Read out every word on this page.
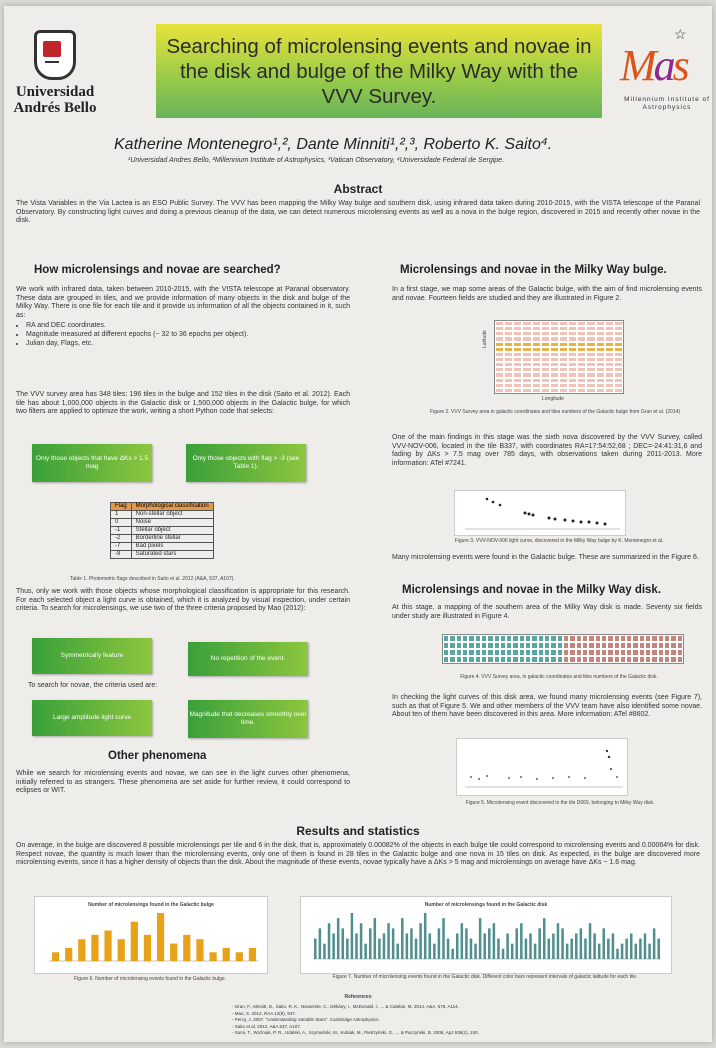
Universidad Andrés Bello
Searching of microlensing events and novae in the disk and bulge of the Milky Way with the VVV Survey.
Mas
☆
Millennium Institute of Astrophysics
Katherine Montenegro¹,², Dante Minniti¹,²,³, Roberto K. Saito⁴.
¹Universidad Andres Bello, ²Millennium Institute of Astrophysics, ³Vatican Observatory, ⁴Universidade Federal de Sergipe.
Abstract
The Vista Variables in the Via Lactea is an ESO Public Survey. The VVV has been mapping the Milky Way bulge and southern disk, using infrared data taken during 2010-2015, with the VISTA telescope of the Paranal Observatory. By constructing light curves and doing a previous cleanup of the data, we can detect numerous microlensing events as well as a nova in the bulge region, discovered in 2015 and recently other novae in the disk.
How microlensings and novae are searched?
We work with infrared data, taken between 2010-2015, with the VISTA telescope at Paranal observatory. These data are grouped in tiles, and we provide information of many objects in the disk and bulge of the Milky Way. There is one file for each tile and it provide us information of all the objects contained in it, such as:
• RA and DEC coordinates.
• Magnitude measured at different epochs (~ 32 to 36 epochs per object).
• Julian day, Flags, etc.
The VVV survey area has 348 tiles: 196 tiles in the bulge and 152 tiles in the disk (Saito et al. 2012). Each tile has about 1,000,000 objects in the Galactic disk or 1,500,000 objects in the Galactic bulge, for which two filters are applied to optimize the work, writing a short Python code that selects:
Only those objects that have ΔKs > 1.5 mag
Only those objects with flag > -3 (see Table 1).
Flag	Morphological classification
1	Non-stellar object
0	Noise
-1	Stellar object
-2	Borderline stellar
-7	Bad pixels
-9	Saturated stars
Table 1. Photometric flags described in Saito et al. 2012 (A&A, 537, A107).
Thus, only we work with those objects whose morphological classification is appropriate for this research. For each selected object a light curve is obtained, which it is analyzed by visual inspection, under certain criteria. To search for microlensings, we use two of the three criteria proposed by Mao (2012):
Symmetrically feature	No repetition of the event.
To search for novae, the criteria used are:
Large amplitude light curve	Magnitude that decreases smoothly over time.
Other phenomena
While we search for microlensing events and novae, we can see in the light curves other phenomena, initially referred to as strangers. These phenomena are set aside for further review, it could correspond to eclipses or WIT.
Microlensings and novae in the Milky Way bulge.
In a first stage, we map some areas of the Galactic bulge, with the aim of find microlensing events and novae. Fourteen fields are studied and they are illustrated in Figure 2.
Latitude
Longitude
Figure 2. VVV Survey area in galactic coordinates and tiles numbers of the Galactic bulge from Gran et al. (2014)
One of the main findings in this stage was the sixth nova discovered by the VVV Survey, called VVV-NOV-006, located in the tile B337, with coordinates RA=17:54:52,68 ; DEC=-24:41:31,6 and fading by ΔKs > 7.5 mag over 785 days, with observations taken during 2011-2013. More information: ATel #7241.
Figure 3. VVV-NOV-006 light curve, discovered in the Milky Way bulge by K. Montenegro et al.
Many microlensing events were found in the Galactic bulge. These are summarized in the Figure 6.
Microlensings and novae in the Milky Way disk.
At this stage, a mapping of the southern area of the Milky Way disk is made. Seventy six fields under study are illustrated in Figure 4.
Figure 4. VVV Survey area, in galactic coordinates and tiles numbers of the Galactic disk.
In checking the light curves of this disk area, we found many microlensing events (see Figure 7), such as that of Figure 5. We and other members of the VVV team have also identified some novae. About ten of them have been discovered in this area. More information: ATel #8602.
Figure 5. Microlensing event discovered in the tile D069, belonging to Milky Way disk.
Results and statistics
On average, in the bulge are discovered 8 possible microlensings per tile and 6 in the disk, that is, approximately 0.00082% of the objects in each bulge tile could correspond to microlensing events and 0.00064% for disk. Respect novae, the quantity is much lower than the microlensing events, only one of them is found in 28 tiles in the Galactic bulge and one nova in 15 tiles on disk. As expected, in the bulge are discovered more microlensing events, since it has a higher density of objects than the disk. About the magnitude of these events, novae typically have a ΔKs > 5 mag and microlensings on average have ΔKs ~ 1.6 mag.
Number of microlensings found in the Galactic bulge
Figure 6. Number of microlensing events found in the Galactic bulge.
Number of microlensings found in the Galactic disk
Figure 7. Number of microlensing events found in the Galactic disk. Different color bars represent intervals of galactic latitude for each tile.
References
- Gran, F., Minniti, D., Saito, R. K., Navarrete, C., Dékány, I., McDonald, I., ... & Catelan, M. 2014, A&A, 575, A114.
- Mao, S. 2012, RAA 12(8), 947.
- Percy, J. 2007. "Understanding Variable Stars". Cambridge Astrophysics.
- Saito et al. 2012, A&A 537, A107.
- Sumi, T., Woźniak, P. R., Udalski, A., Szymański, M., Kubiak, M., Pietrzyński, G., ... & Paczyński, B. 2006, ApJ 636(1), 240.
